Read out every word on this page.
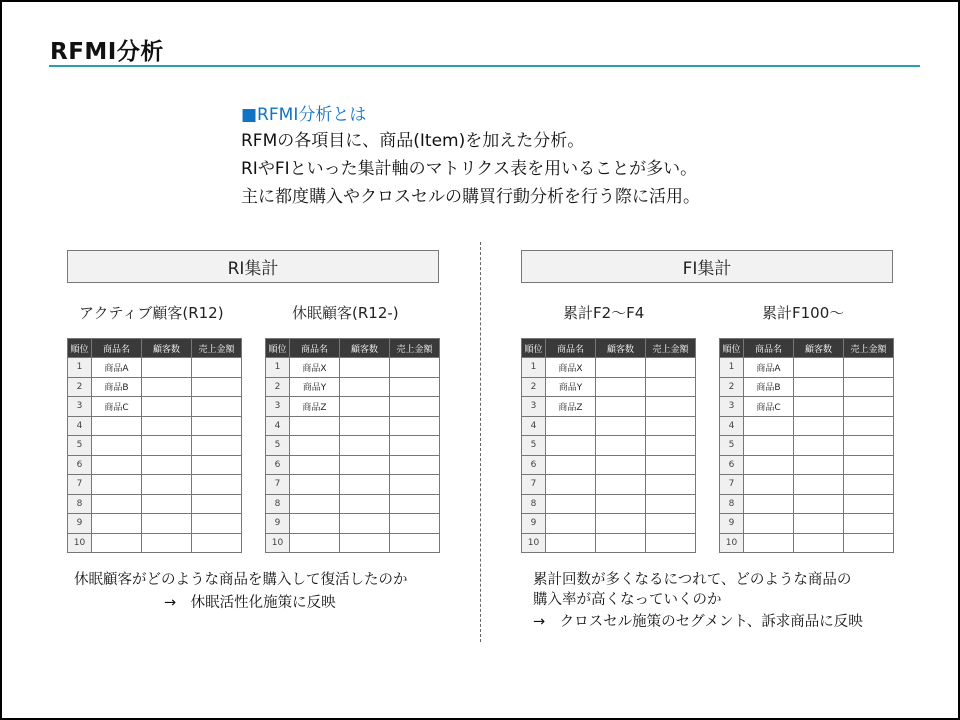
RFMI分析
■RFMI分析とは
RFMの各項目に、商品(Item)を加えた分析。
RIやFIといった集計軸のマトリクス表を用いることが多い。
主に都度購入やクロスセルの購買行動分析を行う際に活用。
RI集計
アクティブ顧客(R12)	休眠顧客(R12-)
FI集計
累計F2～F4	累計F100～
順位	商品名	顧客数	売上金額
1	商品A		
2	商品B		
3	商品C		
4			
5			
6			
7			
8			
9			
10			
順位	商品名	顧客数	売上金額
1	商品X		
2	商品Y		
3	商品Z		
4			
5			
6			
7			
8			
9			
10			
順位	商品名	顧客数	売上金額
1	商品X		
2	商品Y		
3	商品Z		
4			
5			
6			
7			
8			
9			
10			
順位	商品名	顧客数	売上金額
1	商品A		
2	商品B		
3	商品C		
4			
5			
6			
7			
8			
9			
10			
休眠顧客がどのような商品を購入して復活したのか
→　休眠活性化施策に反映
累計回数が多くなるにつれて、どのような商品の
購入率が高くなっていくのか
→　クロスセル施策のセグメント、訴求商品に反映
